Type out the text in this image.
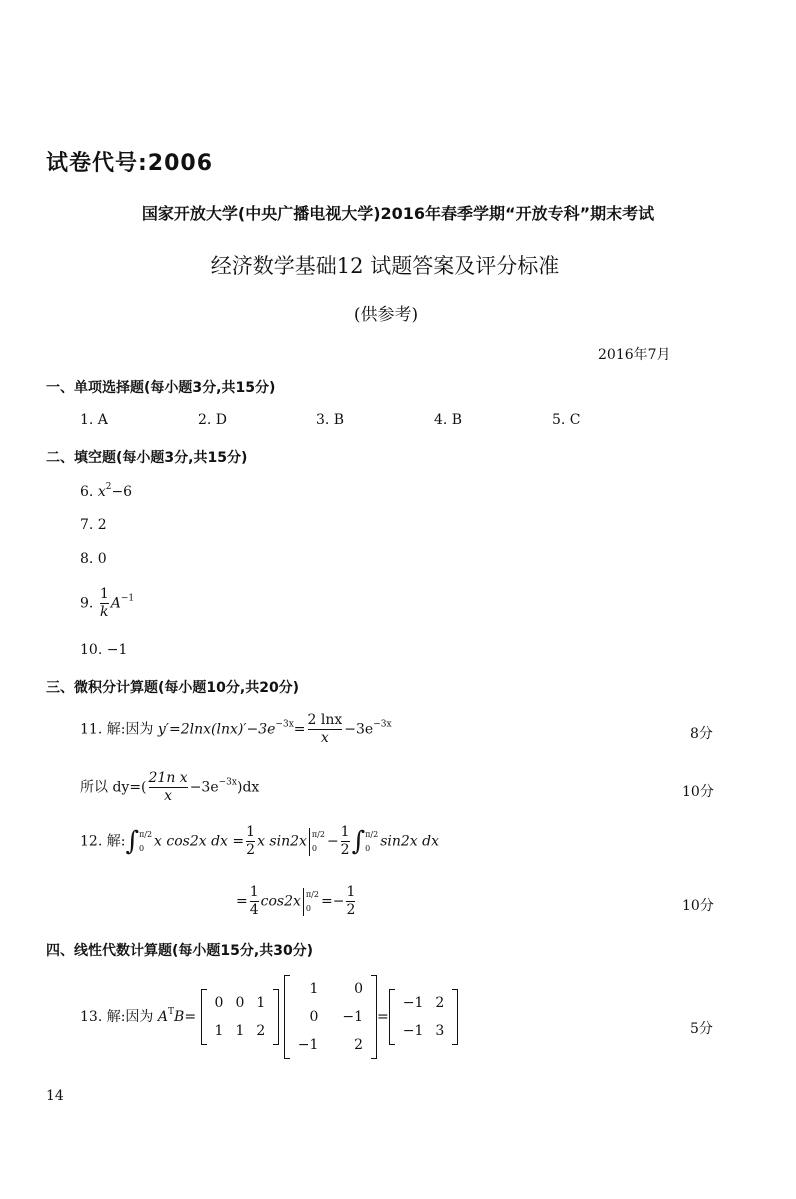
试卷代号:2006
国家开放大学(中央广播电视大学)2016年春季学期“开放专科”期末考试
经济数学基础12 试题答案及评分标准
(供参考)
2016年7月
一、单项选择题(每小题3分,共15分)
1. A	2. D	3. B	4. B	5. C
二、填空题(每小题3分,共15分)
6. $x^2-6$
7. 2
8. 0
9. $\frac{1}{k} A^{-1}$
10. −1
三、微积分计算题(每小题10分,共20分)
11. 解:因为 $y'=2\ln x(\ln x)'-3e^{-3x}= \frac{2 \ln x}{x} -3e^{-3x}$
8分
所以 $dy=( \frac{\text{21n x}}{x} -3e^{-3x})dx$	10分
12. 解:∫ π/2
0 x cos2x dx = $\frac{1}{2}$ x sin2x π/2
$0 - \frac{1}{2}$ ∫ π/2
0 sin2x dx
= $\frac{1}{4} \cos 2x$ π/2
$0 =- \frac{1}{2}$	10分
四、线性代数计算题(每小题15分,共30分)
13. 解:因为 $A^TB=$
0	0	1
1	1	2

1	0
0	−1
−1	2
=
−1	2
−1	3	5分
14
